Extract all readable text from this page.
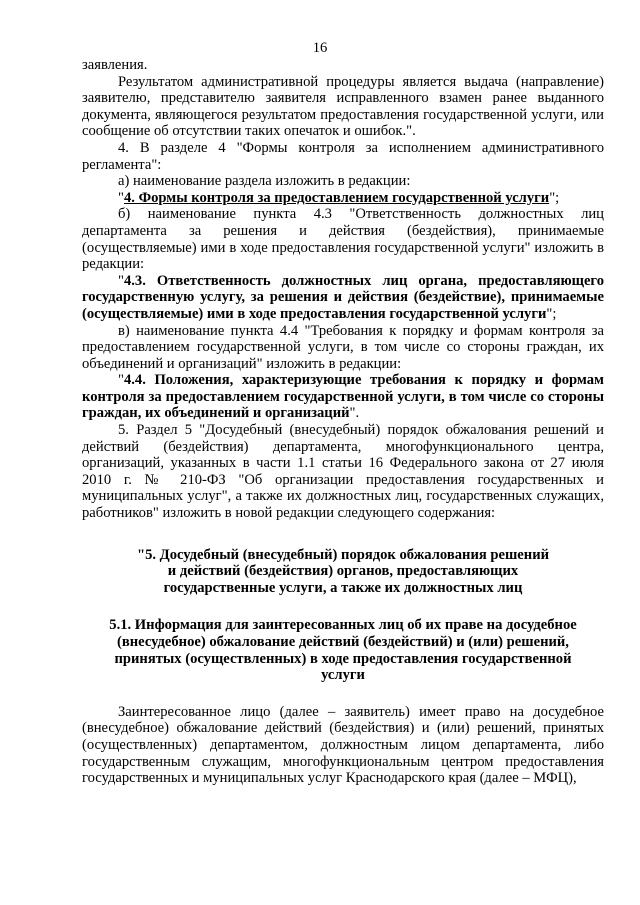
16

заявления.

Результатом административной процедуры является выдача (направление) заявителю, представителю заявителя исправленного взамен ранее выданного документа, являющегося результатом предоставления государственной услуги, или сообщение об отсутствии таких опечаток и ошибок.".

4. В разделе 4 "Формы контроля за исполнением административного регламента":

а) наименование раздела изложить в редакции:

"4. Формы контроля за предоставлением государственной услуги";

б) наименование пункта 4.3 "Ответственность должностных лиц департамента за решения и действия (бездействия), принимаемые (осуществляемые) ими в ходе предоставления государственной услуги" изложить в редакции:

"4.3. Ответственность должностных лиц органа, предоставляющего государственную услугу, за решения и действия (бездействие), принимаемые (осуществляемые) ими в ходе предоставления государственной услуги";

в) наименование пункта 4.4 "Требования к порядку и формам контроля за предоставлением государственной услуги, в том числе со стороны граждан, их объединений и организаций" изложить в редакции:

"4.4. Положения, характеризующие требования к порядку и формам контроля за предоставлением государственной услуги, в том числе со стороны граждан, их объединений и организаций".

5. Раздел 5 "Досудебный (внесудебный) порядок обжалования решений и действий (бездействия) департамента, многофункционального центра, организаций, указанных в части 1.1 статьи 16 Федерального закона от 27 июля 2010 г. № 210-ФЗ "Об организации предоставления государственных и муниципальных услуг", а также их должностных лиц, государственных служащих, работников" изложить в новой редакции следующего содержания:

"5. Досудебный (внесудебный) порядок обжалования решений
и действий (бездействия) органов, предоставляющих
государственные услуги, а также их должностных лиц
5.1. Информация для заинтересованных лиц об их праве на досудебное
(внесудебное) обжалование действий (бездействий) и (или) решений,
принятых (осуществленных) в ходе предоставления государственной
услуги

Заинтересованное лицо (далее – заявитель) имеет право на досудебное (внесудебное) обжалование действий (бездействия) и (или) решений, принятых (осуществленных) департаментом, должностным лицом департамента, либо государственным служащим, многофункциональным центром предоставления государственных и муниципальных услуг Краснодарского края (далее – МФЦ),
